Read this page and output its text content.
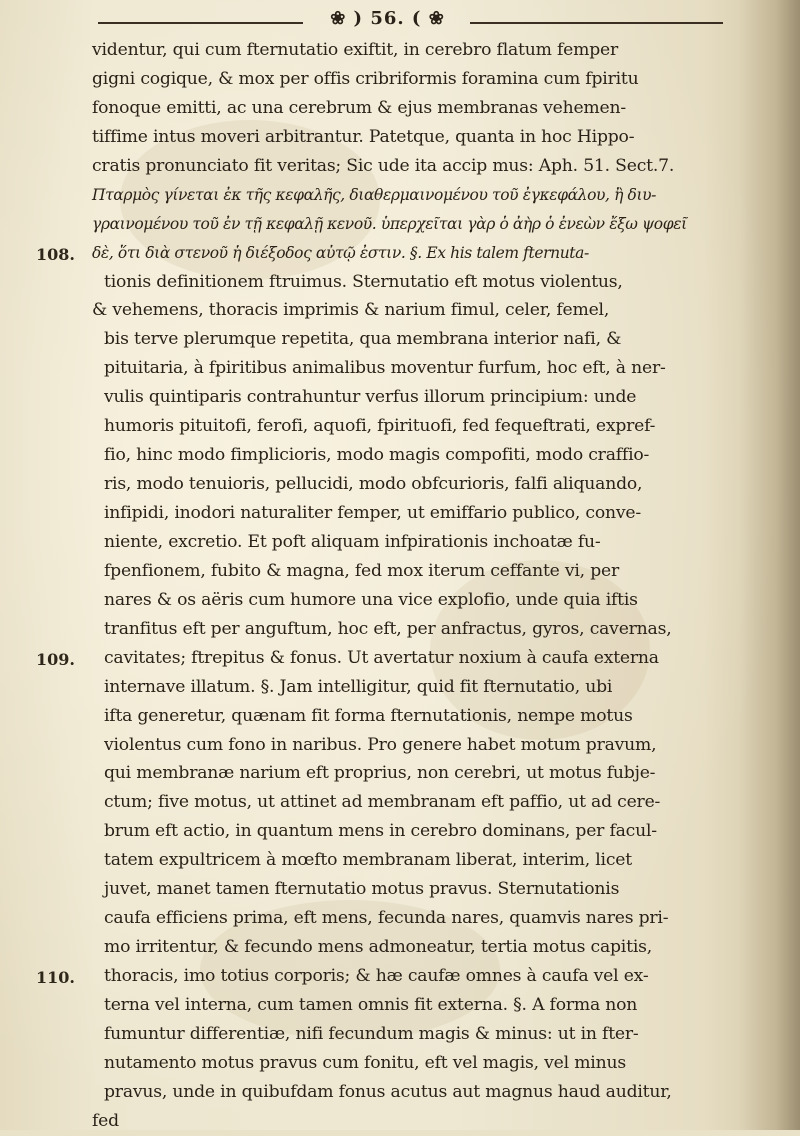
❀ ) 56. ( ❀
108.
109.
110.
videntur, qui cum fternutatio exiftit, in cerebro flatum femper
gigni cogique, & mox per offis cribriformis foramina cum fpiritu
fonoque emitti, ac una cerebrum & ejus membranas vehemen-
tiffime intus moveri arbitrantur. Patetque, quanta in hoc Hippo-
cratis pronunciato fit veritas; Sic ude ita accip mus: Aph. 51. Sect.7.
Πταρμὸς γίνεται ἐκ τῆς κεφαλῆς, διαθερμαινομένου τοῦ ἐγκεφάλου, ἢ διυ-
γραινομένου τοῦ ἐν τῇ κεφαλῇ κενοῦ. ὑπερχεῖται γὰρ ὁ ἀὴρ ὁ ἐνεὼν ἔξω ψοφεῖ
δὲ, ὅτι διὰ στενοῦ ἡ διέξοδος αὐτῷ ἐστιν. §. Ex his talem fternuta-
tionis definitionem ftruimus. Sternutatio eft motus violentus,
& vehemens, thoracis imprimis & narium fimul, celer, femel,
bis terve plerumque repetita, qua membrana interior nafi, &
pituitaria, à fpiritibus animalibus moventur furfum, hoc eft, à ner-
vulis quintiparis contrahuntur verfus illorum principium: unde
humoris pituitofi, ferofi, aquofi, fpirituofi, fed fequeftrati, expref-
fio, hinc modo fimplicioris, modo magis compofiti, modo craffio-
ris, modo tenuioris, pellucidi, modo obfcurioris, falfi aliquando,
infipidi, inodori naturaliter femper, ut emiffario publico, conve-
niente, excretio. Et poft aliquam infpirationis inchoatæ fu-
fpenfionem, fubito & magna, fed mox iterum ceffante vi, per
nares & os aëris cum humore una vice explofio, unde quia iftis
tranfitus eft per anguftum, hoc eft, per anfractus, gyros, cavernas,
cavitates; ftrepitus & fonus. Ut avertatur noxium à caufa externa
internave illatum. §. Jam intelligitur, quid fit fternutatio, ubi
ifta generetur, quænam fit forma fternutationis, nempe motus
violentus cum fono in naribus. Pro genere habet motum pravum,
qui membranæ narium eft proprius, non cerebri, ut motus fubje-
ctum; five motus, ut attinet ad membranam eft paffio, ut ad cere-
brum eft actio, in quantum mens in cerebro dominans, per facul-
tatem expultricem à mœfto membranam liberat, interim, licet
juvet, manet tamen fternutatio motus pravus. Sternutationis
caufa efficiens prima, eft mens, fecunda nares, quamvis nares pri-
mo irritentur, & fecundo mens admoneatur, tertia motus capitis,
thoracis, imo totius corporis; & hæ caufæ omnes à caufa vel ex-
terna vel interna, cum tamen omnis fit externa. §. A forma non
fumuntur differentiæ, nifi fecundum magis & minus: ut in fter-
nutamento motus pravus cum fonitu, eft vel magis, vel minus
pravus, unde in quibufdam fonus acutus aut magnus haud auditur,
fed
